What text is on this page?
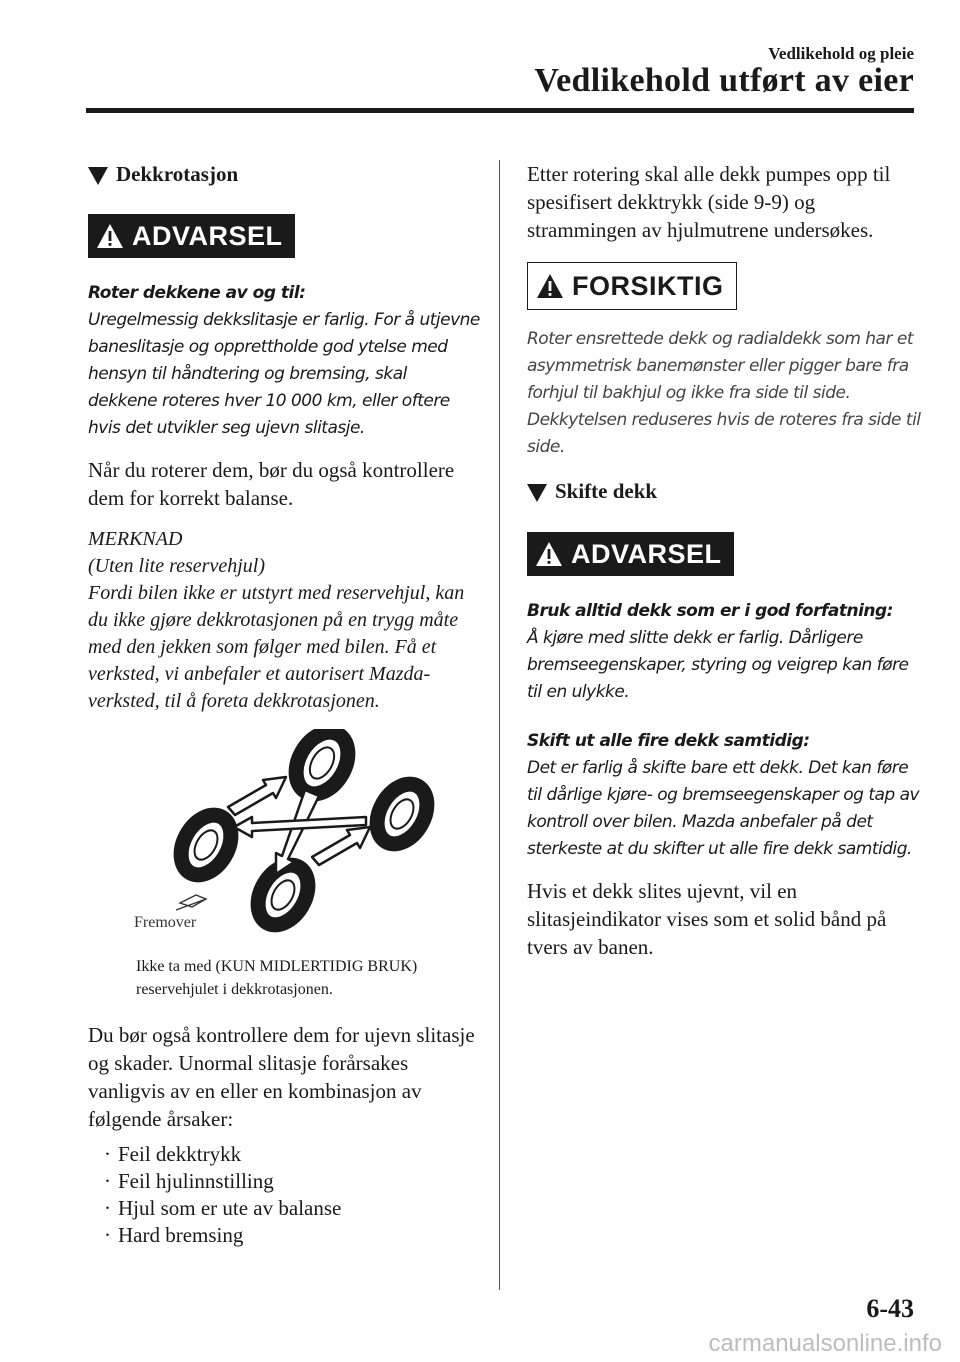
Vedlikehold og pleie
Vedlikehold utført av eier
Dekkrotasjon
ADVARSEL
Roter dekkene av og til:
Uregelmessig dekkslitasje er farlig. For å utjevne baneslitasje og opprettholde god ytelse med hensyn til håndtering og bremsing, skal dekkene roteres hver 10 000 km, eller oftere hvis det utvikler seg ujevn slitasje.

Når du roterer dem, bør du også kontrollere dem for korrekt balanse.

MERKNAD
(Uten lite reservehjul)
Fordi bilen ikke er utstyrt med reservehjul, kan du ikke gjøre dekkrotasjonen på en trygg måte med den jekken som følger med bilen. Få et verksted, vi anbefaler et autorisert Mazda-verksted, til å foreta dekkrotasjonen.
Fremover
Ikke ta med (KUN MIDLERTIDIG BRUK) reservehjulet i dekkrotasjonen.

Du bør også kontrollere dem for ujevn slitasje og skader. Unormal slitasje forårsakes vanligvis av en eller en kombinasjon av følgende årsaker:

· Feil dekktrykk
· Feil hjulinnstilling
· Hjul som er ute av balanse
· Hard bremsing

Etter rotering skal alle dekk pumpes opp til spesifisert dekktrykk (side 9-9) og strammingen av hjulmutrene undersøkes.

FORSIKTIG
Roter ensrettede dekk og radialdekk som har et asymmetrisk banemønster eller pigger bare fra forhjul til bakhjul og ikke fra side til side. Dekkytelsen reduseres hvis de roteres fra side til side.
Skifte dekk
ADVARSEL
Bruk alltid dekk som er i god forfatning:
Å kjøre med slitte dekk er farlig. Dårligere bremseegenskaper, styring og veigrep kan føre til en ulykke.
Skift ut alle fire dekk samtidig:
Det er farlig å skifte bare ett dekk. Det kan føre til dårlige kjøre- og bremseegenskaper og tap av kontroll over bilen. Mazda anbefaler på det sterkeste at du skifter ut alle fire dekk samtidig.

Hvis et dekk slites ujevnt, vil en slitasjeindikator vises som et solid bånd på tvers av banen.

6-43
carmanualsonline.info
